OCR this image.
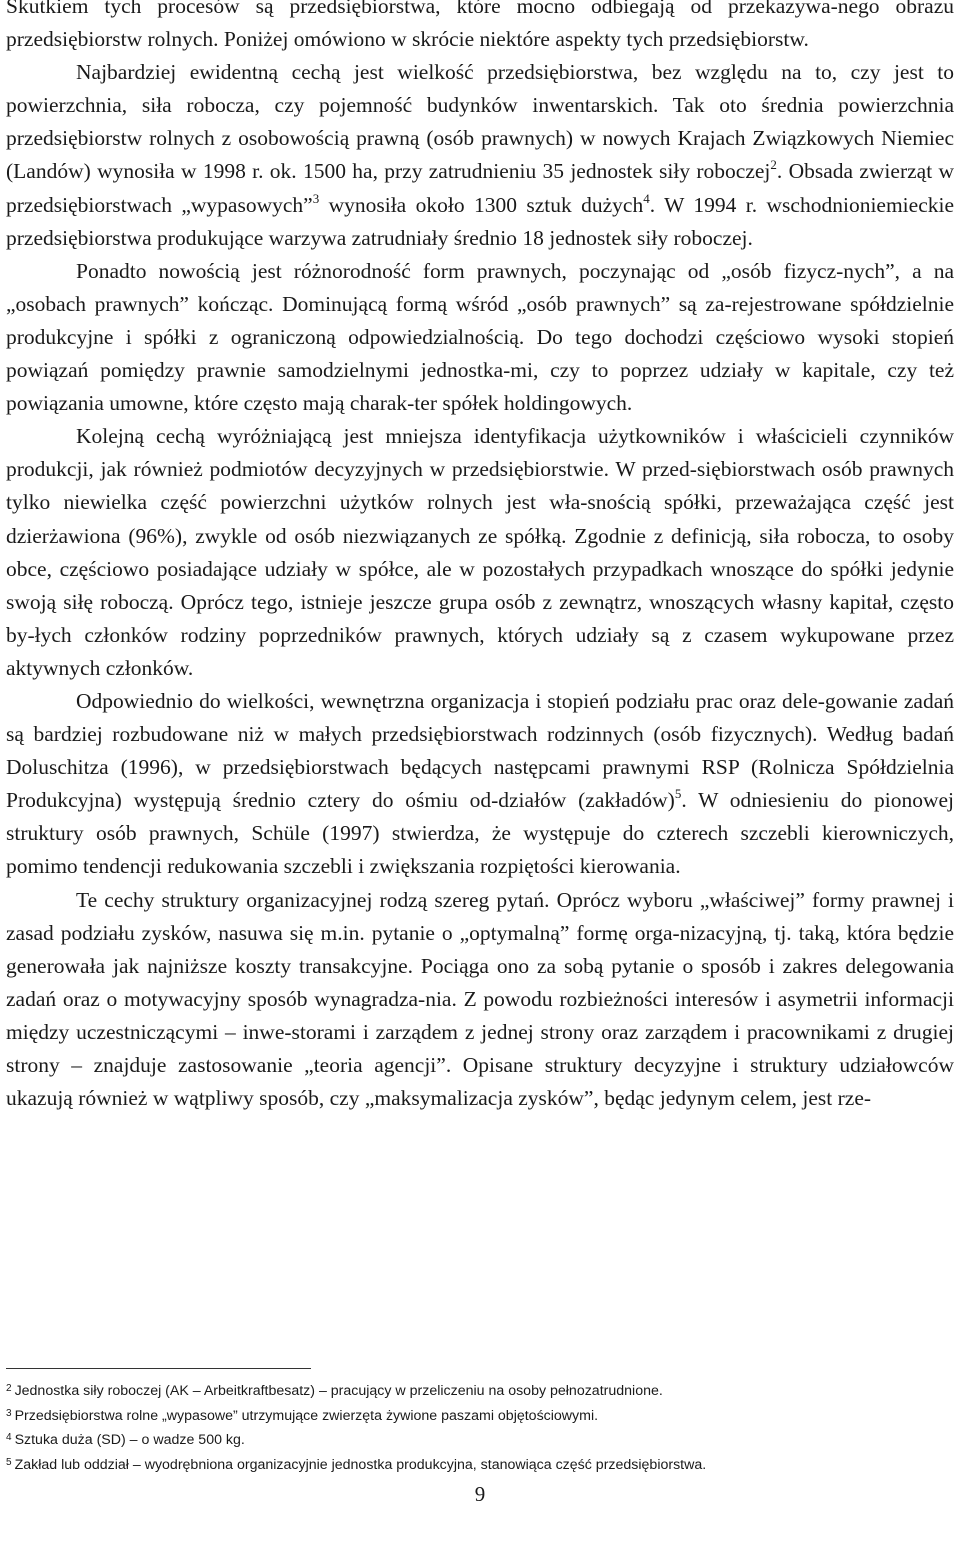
Skutkiem tych procesów są przedsiębiorstwa, które mocno odbiegają od przekazywa-nego obrazu przedsiębiorstw rolnych. Poniżej omówiono w skrócie niektóre aspekty tych przedsiębiorstw.

Najbardziej ewidentną cechą jest wielkość przedsiębiorstwa, bez względu na to, czy jest to powierzchnia, siła robocza, czy pojemność budynków inwentarskich. Tak oto średnia powierzchnia przedsiębiorstw rolnych z osobowością prawną (osób prawnych) w nowych Krajach Związkowych Niemiec (Landów) wynosiła w 1998 r. ok. 1500 ha, przy zatrudnieniu 35 jednostek siły roboczej$^2$. Obsada zwierząt w przedsiębiorstwach „wypasowych”$^3$ wynosiła około 1300 sztuk dużych$^4$. W 1994 r. wschodnioniemieckie przedsiębiorstwa produkujące warzywa zatrudniały średnio 18 jednostek siły roboczej.

Ponadto nowością jest różnorodność form prawnych, poczynając od „osób fizycz-nych”, a na „osobach prawnych” kończąc. Dominującą formą wśród „osób prawnych” są za-rejestrowane spółdzielnie produkcyjne i spółki z ograniczoną odpowiedzialnością. Do tego dochodzi częściowo wysoki stopień powiązań pomiędzy prawnie samodzielnymi jednostka-mi, czy to poprzez udziały w kapitale, czy też powiązania umowne, które często mają charak-ter spółek holdingowych.

Kolejną cechą wyróżniającą jest mniejsza identyfikacja użytkowników i właścicieli czynników produkcji, jak również podmiotów decyzyjnych w przedsiębiorstwie. W przed-siębiorstwach osób prawnych tylko niewielka część powierzchni użytków rolnych jest wła-snością spółki, przeważająca część jest dzierżawiona (96%), zwykle od osób niezwiązanych ze spółką. Zgodnie z definicją, siła robocza, to osoby obce, częściowo posiadające udziały w spółce, ale w pozostałych przypadkach wnoszące do spółki jedynie swoją siłę roboczą. Oprócz tego, istnieje jeszcze grupa osób z zewnątrz, wnoszących własny kapitał, często by-łych członków rodziny poprzedników prawnych, których udziały są z czasem wykupowane przez aktywnych członków.

Odpowiednio do wielkości, wewnętrzna organizacja i stopień podziału prac oraz dele-gowanie zadań są bardziej rozbudowane niż w małych przedsiębiorstwach rodzinnych (osób fizycznych). Według badań Doluschitza (1996), w przedsiębiorstwach będących następcami prawnymi RSP (Rolnicza Spółdzielnia Produkcyjna) występują średnio cztery do ośmiu od-działów (zakładów)$^5$. W odniesieniu do pionowej struktury osób prawnych, Schüle (1997) stwierdza, że występuje do czterech szczebli kierowniczych, pomimo tendencji redukowania szczebli i zwiększania rozpiętości kierowania.

Te cechy struktury organizacyjnej rodzą szereg pytań. Oprócz wyboru „właściwej” formy prawnej i zasad podziału zysków, nasuwa się m.in. pytanie o „optymalną” formę orga-nizacyjną, tj. taką, która będzie generowała jak najniższe koszty transakcyjne. Pociąga ono za sobą pytanie o sposób i zakres delegowania zadań oraz o motywacyjny sposób wynagradza-nia. Z powodu rozbieżności interesów i asymetrii informacji między uczestniczącymi – inwe-storami i zarządem z jednej strony oraz zarządem i pracownikami z drugiej strony – znajduje zastosowanie „teoria agencji”. Opisane struktury decyzyjne i struktury udziałowców ukazują również w wątpliwy sposób, czy „maksymalizacja zysków”, będąc jedynym celem, jest rze-

$^2$ Jednostka siły roboczej (AK – Arbeitkraftbesatz) – pracujący w przeliczeniu na osoby pełnozatrudnione.

$^3$ Przedsiębiorstwa rolne „wypasowe” utrzymujące zwierzęta żywione paszami objętościowymi.

$^4$ Sztuka duża (SD) – o wadze 500 kg.

$^5$ Zakład lub oddział – wyodrębniona organizacyjnie jednostka produkcyjna, stanowiąca część przedsiębiorstwa.

9
